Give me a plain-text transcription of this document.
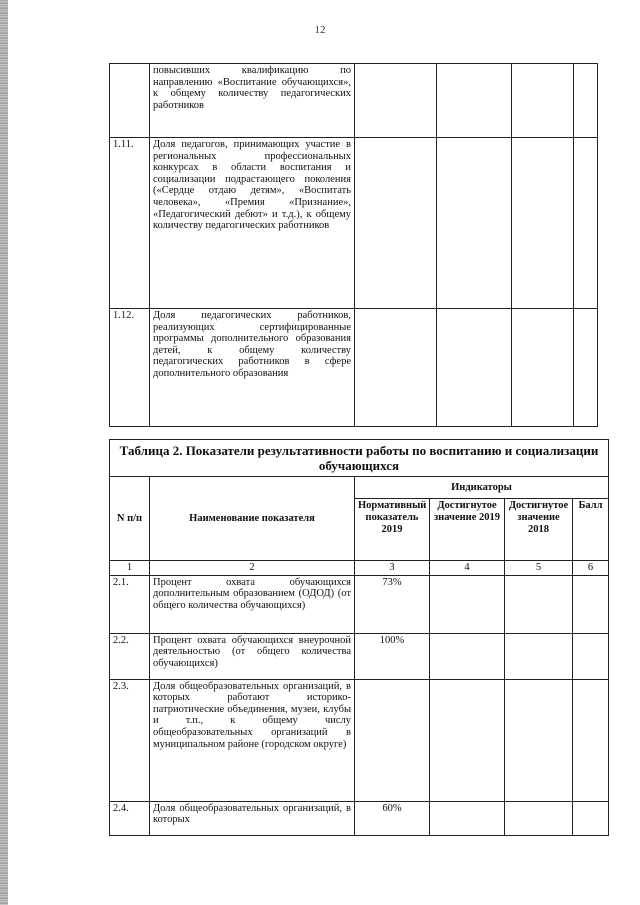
12
	повысивших квалификацию по направлению «Воспитание обучающихся», к общему количеству педагогических работников				
1.11.	Доля педагогов, принимающих участие в региональных профессиональных конкурсах в области воспитания и социализации подрастающего поколения («Сердце отдаю детям», «Воспитать человека», «Премия «Признание», «Педагогический дебют» и т.д.), к общему количеству педагогических работников				
1.12.	Доля педагогических работников, реализующих сертифицированные программы дополнительного образования детей, к общему количеству педагогических работников в сфере дополнительного образования				
Таблица 2. Показатели результативности работы по воспитанию и социализации обучающихся					
N п/п	Наименование показателя	Индикаторы			
		Нормативный показатель 2019	Достигнутое значение 2019	Достигнутое значение 2018	Балл
1	2	3	4	5	6
2.1.	Процент охвата обучающихся дополнительным образованием (ОДОД) (от общего количества обучающихся)	73%			
2.2.	Процент охвата обучающихся внеурочной деятельностью (от общего количества обучающихся)	100%			
2.3.	Доля общеобразовательных организаций, в которых работают историко-патриотические объединения, музеи, клубы и т.п., к общему числу общеобразовательных организаций в муниципальном районе (городском округе)				
2.4.	Доля общеобразовательных организаций, в которых	60%			
